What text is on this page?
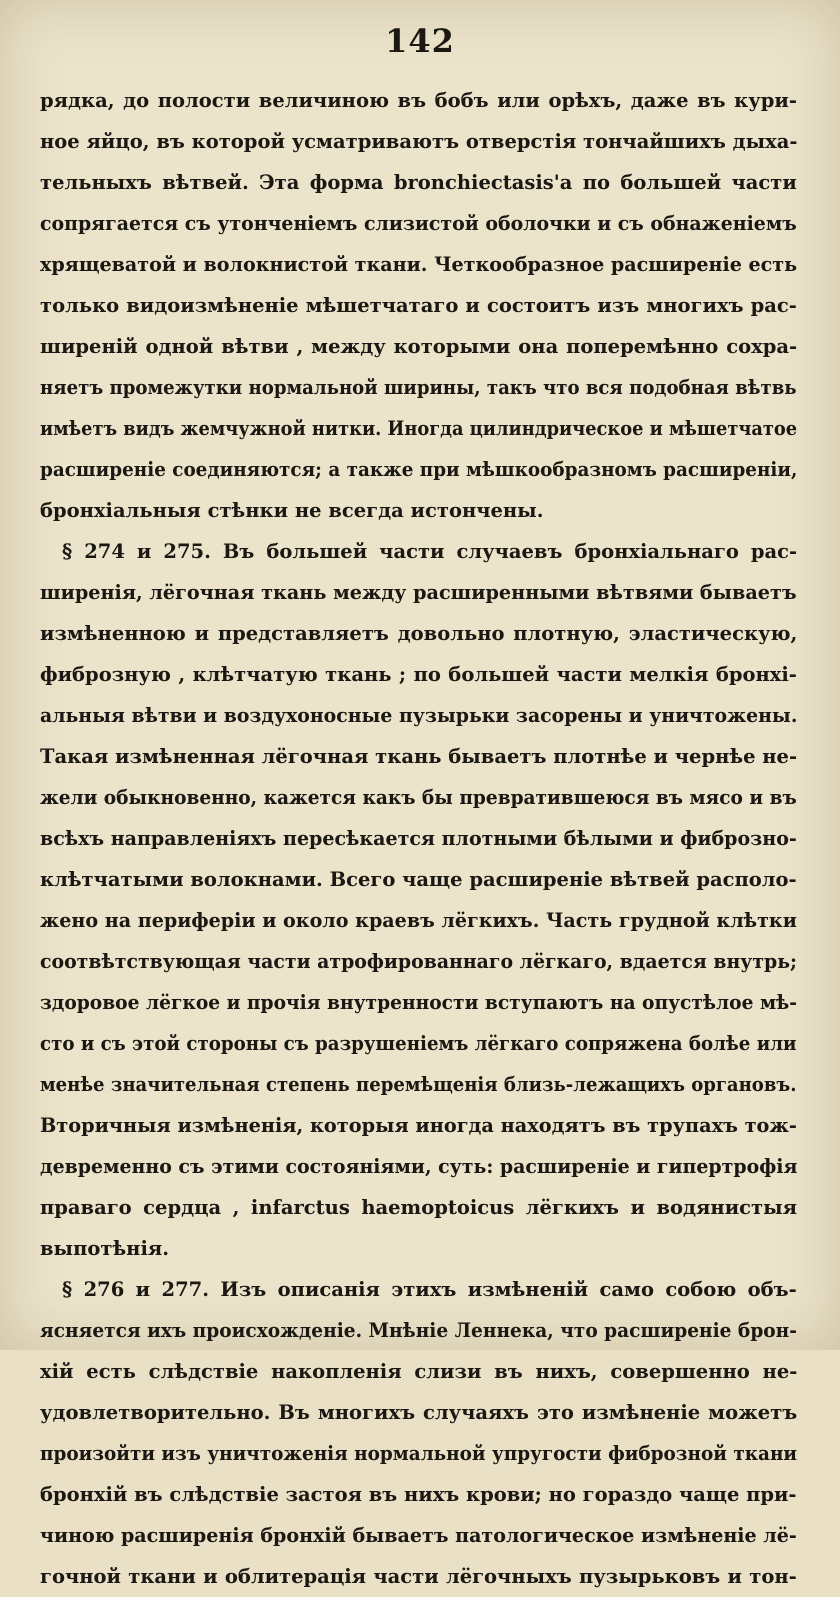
142
рядка, до полости величиною въ бобъ или орѣхъ, даже въ кури-
ное яйцо, въ которой усматриваютъ отверстія тончайшихъ дыха-
тельныхъ вѣтвей. Эта форма bronchiectasis'a по большей части
сопрягается съ утонченіемъ слизистой оболочки и съ обнаженіемъ
хрящеватой и волокнистой ткани. Четкообразное расширеніе есть
только видоизмѣненіе мѣшетчатаго и состоитъ изъ многихъ рас-
ширеній одной вѣтви , между которыми она поперемѣнно сохра-
няетъ промежутки нормальной ширины, такъ что вся подобная вѣтвь
имѣетъ видъ жемчужной нитки. Иногда цилиндрическое и мѣшетчатое
расширеніе соединяются; а также при мѣшкообразномъ расширеніи,
бронхіальныя стѣнки не всегда истончены.
§ 274 и 275. Въ большей части случаевъ бронхіальнаго рас-
ширенія, лёгочная ткань между расширенными вѣтвями бываетъ
измѣненною и представляетъ довольно плотную, эластическую,
фиброзную , клѣтчатую ткань ; по большей части мелкія бронхі-
альныя вѣтви и воздухоносные пузырьки засорены и уничтожены.
Такая измѣненная лёгочная ткань бываетъ плотнѣе и чернѣе не-
жели обыкновенно, кажется какъ бы превратившеюся въ мясо и въ
всѣхъ направленіяхъ пересѣкается плотными бѣлыми и фиброзно-
клѣтчатыми волокнами. Всего чаще расширеніе вѣтвей располо-
жено на периферіи и около краевъ лёгкихъ. Часть грудной клѣтки
соотвѣтствующая части атрофированнаго лёгкаго, вдается внутрь;
здоровое лёгкое и прочія внутренности вступаютъ на опустѣлое мѣ-
сто и съ этой стороны съ разрушеніемъ лёгкаго сопряжена болѣе или
менѣе значительная степень перемѣщенія близь-лежащихъ органовъ.
Вторичныя измѣненія, которыя иногда находятъ въ трупахъ тож-
девременно съ этими состояніями, суть: расширеніе и гипертрофія
праваго сердца , infarctus haemoptoicus лёгкихъ и водянистыя
выпотѣнія.
§ 276 и 277. Изъ описанія этихъ измѣненій само собою объ-
ясняется ихъ происхожденіе. Мнѣніе Леннека, что расширеніе брон-
хій есть слѣдствіе накопленія слизи въ нихъ, совершенно не-
удовлетворительно. Въ многихъ случаяхъ это измѣненіе можетъ
произойти изъ уничтоженія нормальной упругости фиброзной ткани
бронхій въ слѣдствіе застоя въ нихъ крови; но гораздо чаще при-
чиною расширенія бронхій бываетъ патологическое измѣненіе лё-
гочной ткани и облитерація части лёгочныхъ пузырьковъ и тон-
